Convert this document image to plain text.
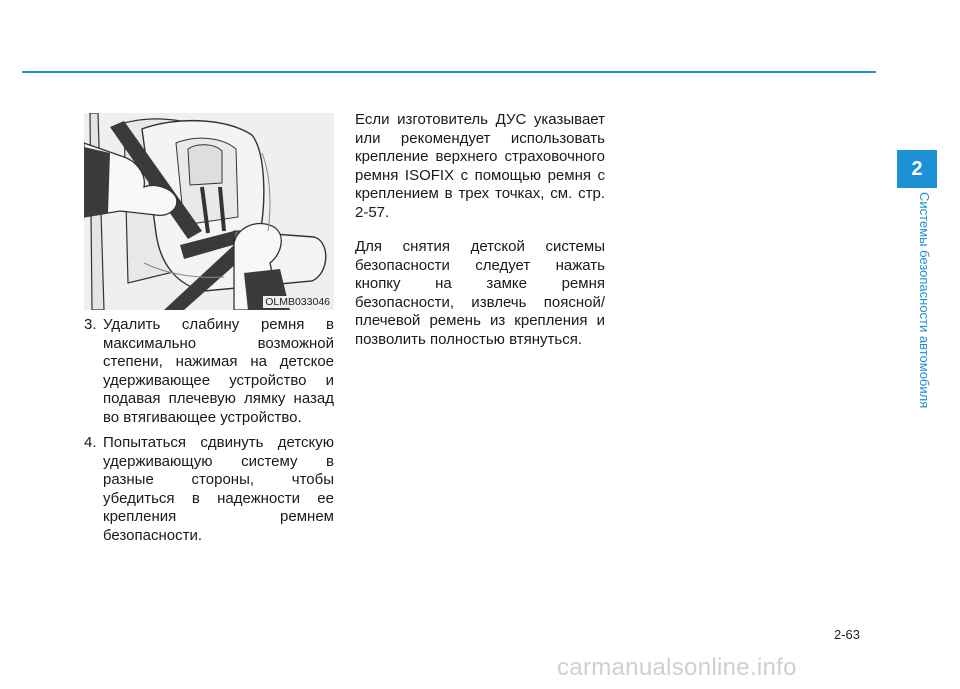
OLMB033046
3. Удалить слабину ремня в максимально возможной степени, нажимая на детское удерживающее устройство и подавая плечевую лямку назад во втягивающее устройство.
4. Попытаться сдвинуть детскую удерживающую систему в разные стороны, чтобы убедиться в надежности ее крепления ремнем безопасности.

Если изготовитель ДУС указывает или рекомендует использовать крепление верхнего страховочного ремня ISOFIX с помощью ремня с креплением в трех точках, см. стр. 2-57.

Для снятия детской системы безопасности следует нажать кнопку на замке ремня безопасности, извлечь поясной/плечевой ремень из крепления и позволить полностью втянуться.

2
Системы безопасности автомобиля
2-63
carmanualsonline.info
